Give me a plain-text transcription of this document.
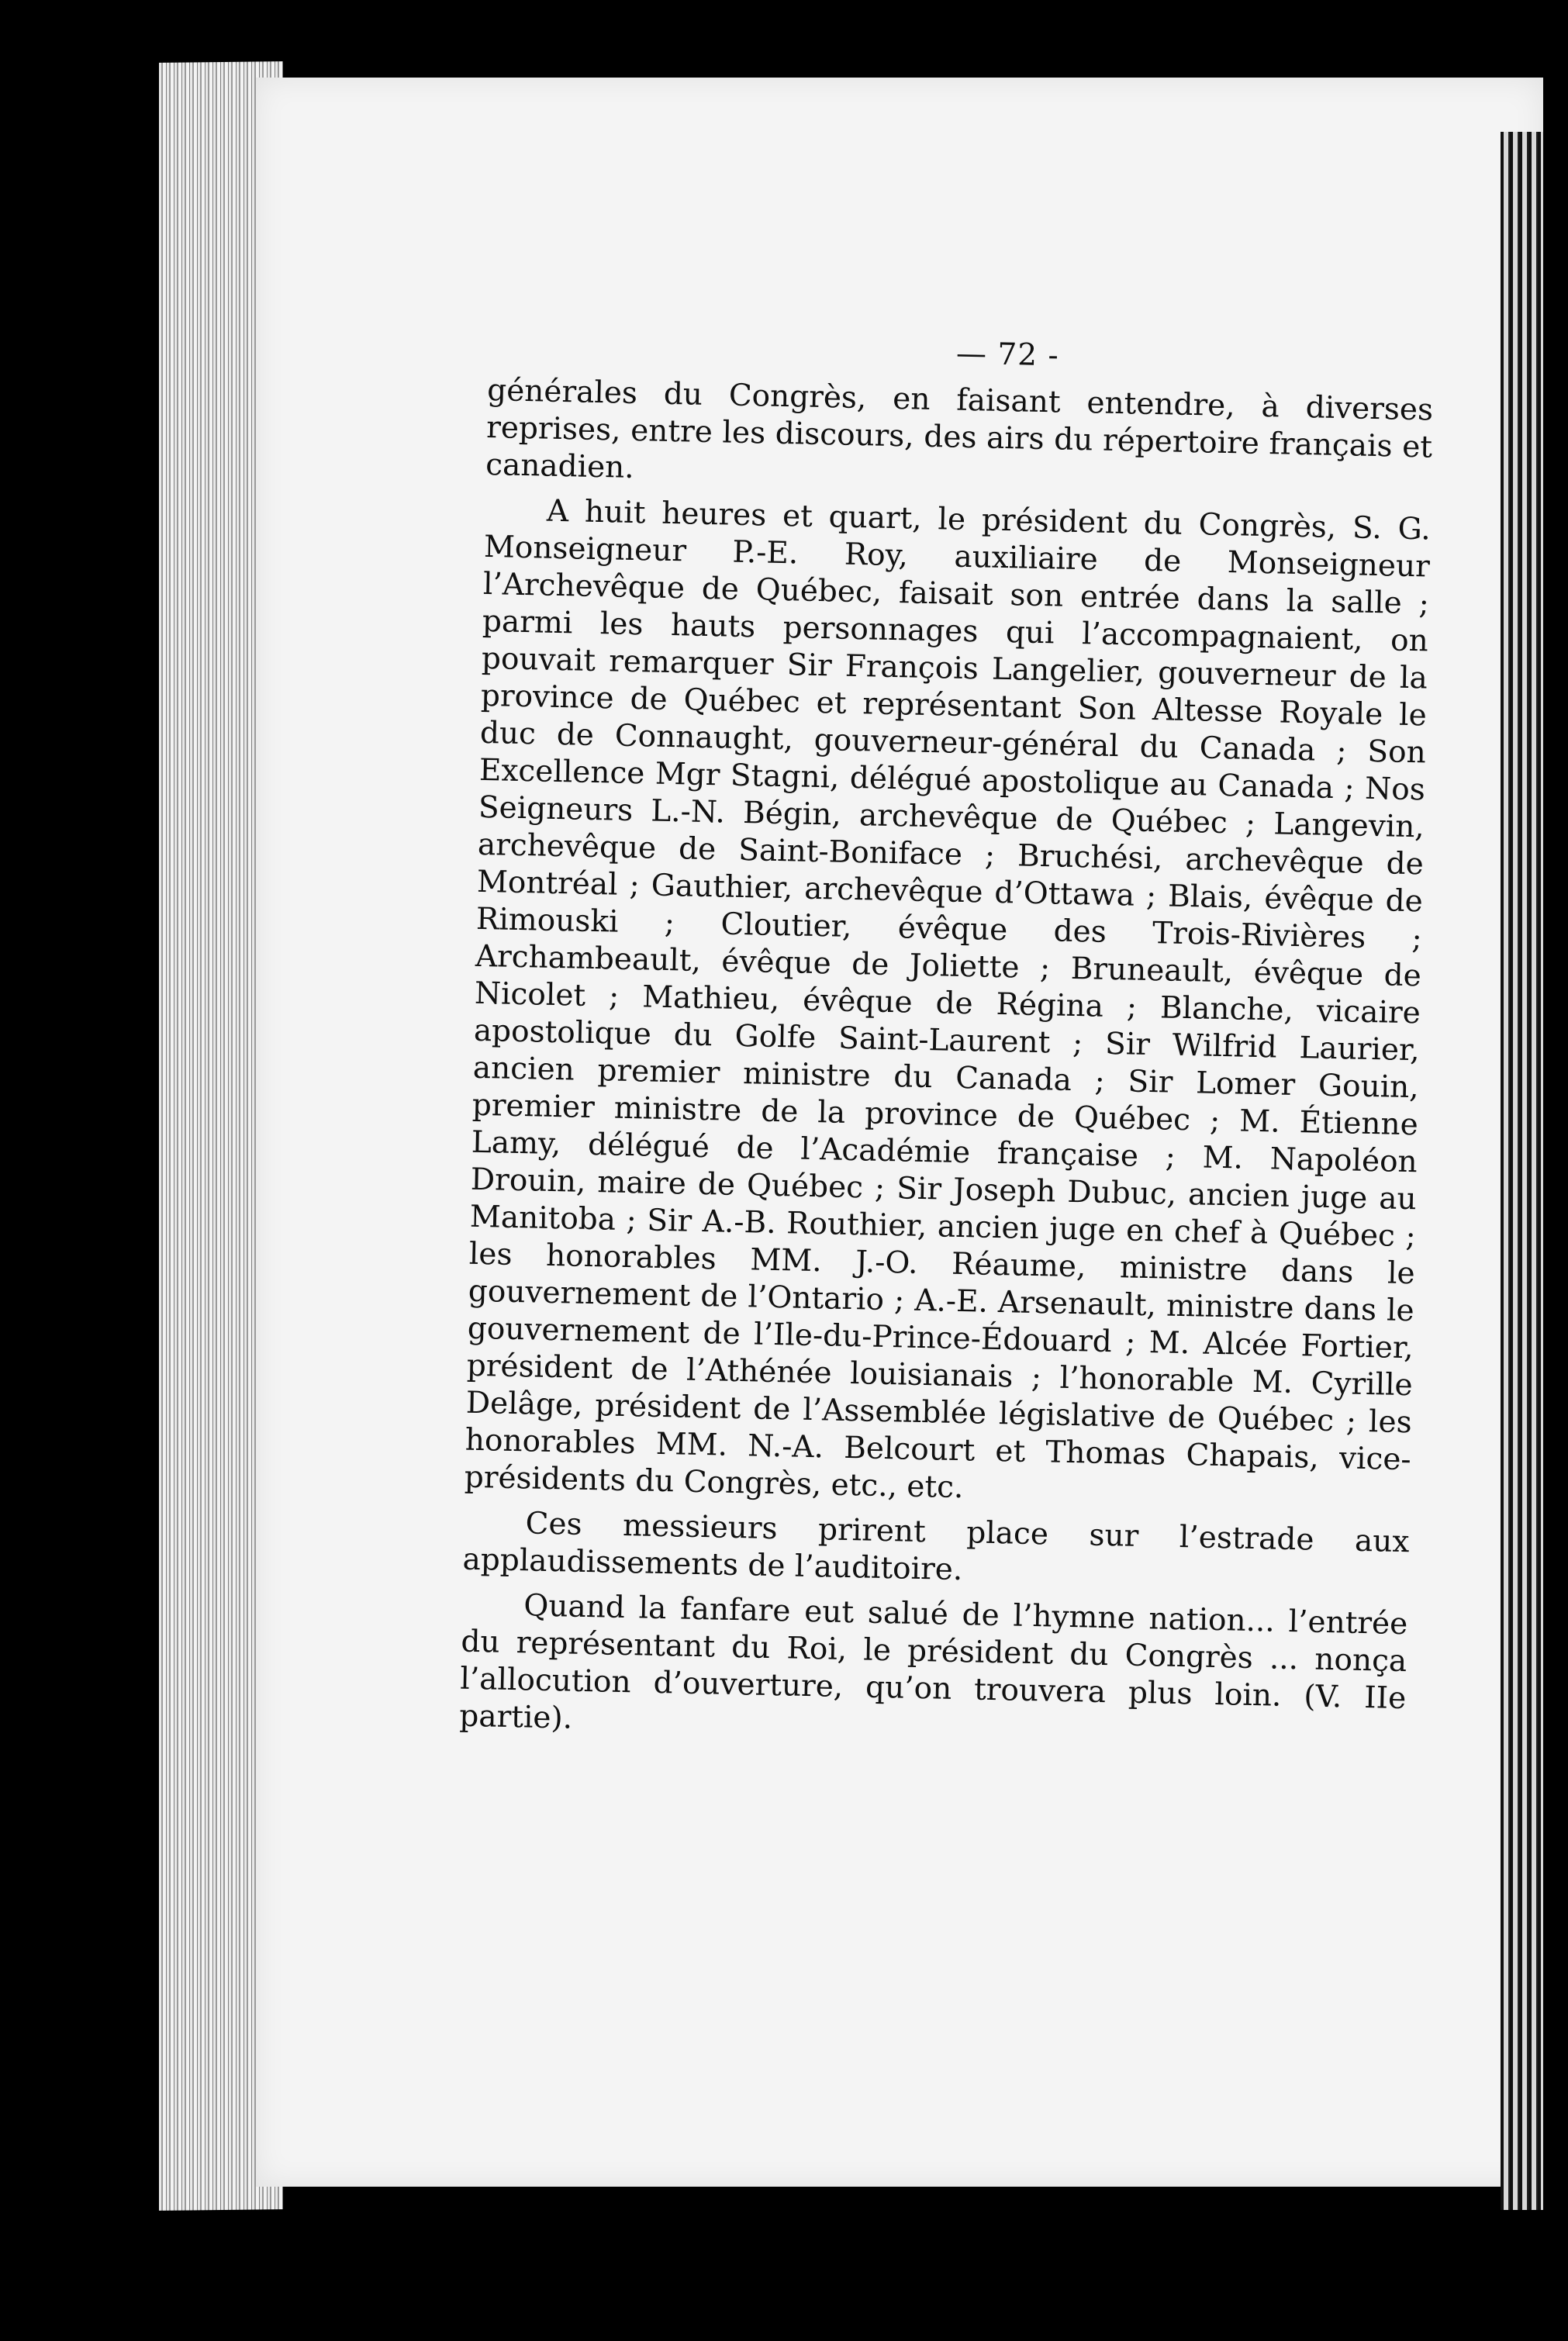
— 72 -

générales du Congrès, en faisant entendre, à diverses reprises, entre les discours, des airs du répertoire français et canadien.

A huit heures et quart, le président du Congrès, S. G. Monseigneur P.-E. Roy, auxiliaire de Monseigneur l’Archevêque de Québec, faisait son entrée dans la salle ; parmi les hauts personnages qui l’accompagnaient, on pouvait remarquer Sir François Langelier, gouverneur de la province de Québec et représentant Son Altesse Royale le duc de Connaught, gouverneur-général du Canada ; Son Excellence Mgr Stagni, délégué apostolique au Canada ; Nos Seigneurs L.-N. Bégin, archevêque de Québec ; Langevin, archevêque de Saint-Boniface ; Bruchési, archevêque de Montréal ; Gauthier, archevêque d’Ottawa ; Blais, évêque de Rimouski ; Cloutier, évêque des Trois-Rivières ; Archambeault, évêque de Joliette ; Bruneault, évêque de Nicolet ; Mathieu, évêque de Régina ; Blanche, vicaire apostolique du Golfe Saint-Laurent ; Sir Wilfrid Laurier, ancien premier ministre du Canada ; Sir Lomer Gouin, premier ministre de la province de Québec ; M. Étienne Lamy, délégué de l’Académie française ; M. Napoléon Drouin, maire de Québec ; Sir Joseph Dubuc, ancien juge au Manitoba ; Sir A.-B. Routhier, ancien juge en chef à Québec ; les honorables MM. J.-O. Réaume, ministre dans le gouvernement de l’Ontario ; A.-E. Arsenault, ministre dans le gouvernement de l’Ile-du-Prince-Édouard ; M. Alcée Fortier, président de l’Athénée louisianais ; l’honorable M. Cyrille Delâge, président de l’Assemblée législative de Québec ; les honorables MM. N.-A. Belcourt et Thomas Chapais, vice-présidents du Congrès, etc., etc.

Ces messieurs prirent place sur l’estrade aux applaudissements de l’auditoire.

Quand la fanfare eut salué de l’hymne nation... l’entrée du représentant du Roi, le président du Congrès ... nonça l’allocution d’ouverture, qu’on trouvera plus loin. (V. IIe partie).
